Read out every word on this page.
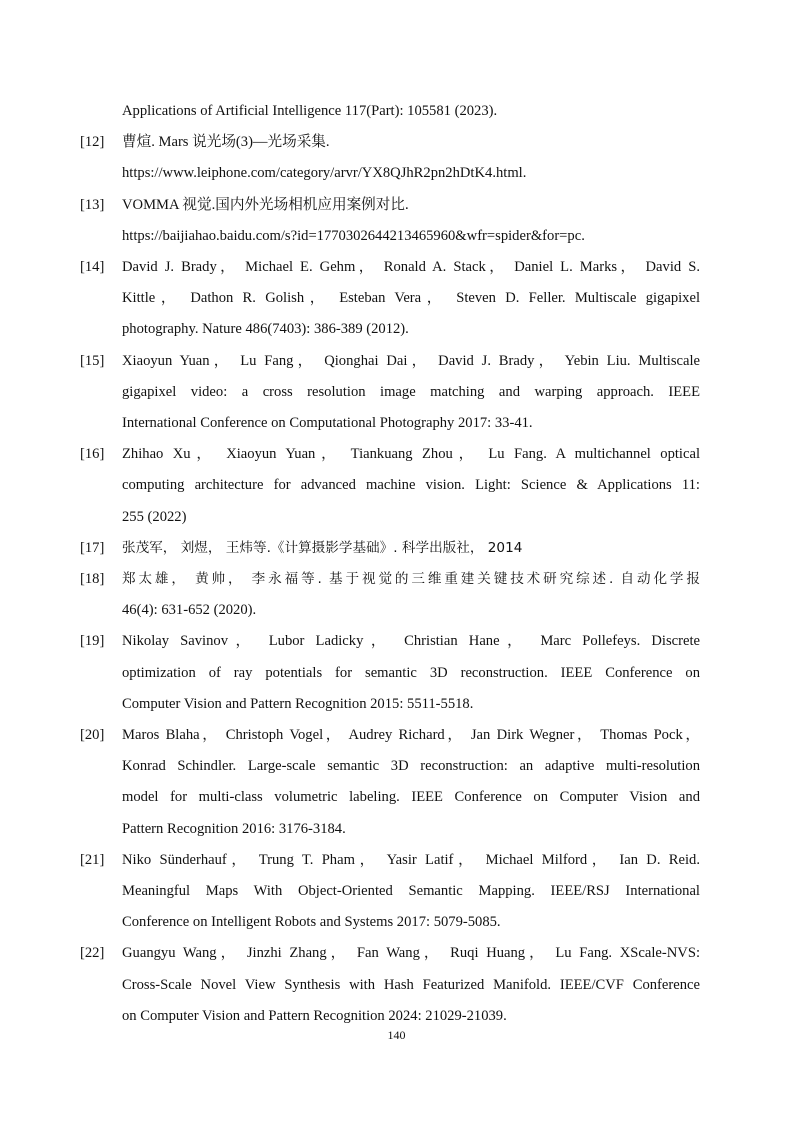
Applications of Artificial Intelligence 117(Part): 105581 (2023).
[12]	曹煊. Mars 说光场(3)—光场采集.
https://www.leiphone.com/category/arvr/YX8QJhR2pn2hDtK4.html.
[13]	VOMMA 视觉.国内外光场相机应用案例对比.
https://baijiahao.baidu.com/s?id=1770302644213465960&wfr=spider&for=pc.
[14]	David J. Brady， Michael E. Gehm， Ronald A. Stack， Daniel L. Marks， David S.
Kittle， Dathon R. Golish， Esteban Vera， Steven D. Feller. Multiscale gigapixel
photography. Nature 486(7403): 386-389 (2012).
[15]	Xiaoyun Yuan， Lu Fang， Qionghai Dai， David J. Brady， Yebin Liu. Multiscale
gigapixel video: a cross resolution image matching and warping approach. IEEE
International Conference on Computational Photography 2017: 33-41.
[16]	Zhihao Xu， Xiaoyun Yuan， Tiankuang Zhou， Lu Fang. A multichannel optical
computing architecture for advanced machine vision. Light: Science & Applications 11:
255 (2022)
[17]	张茂军， 刘煜， 王炜等.《计算摄影学基础》. 科学出版社， 2014
[18]	郑太雄， 黄帅， 李永福等. 基于视觉的三维重建关键技术研究综述. 自动化学报
46(4): 631-652 (2020).
[19]	Nikolay Savinov， Lubor Ladicky， Christian Hane， Marc Pollefeys. Discrete
optimization of ray potentials for semantic 3D reconstruction. IEEE Conference on
Computer Vision and Pattern Recognition 2015: 5511-5518.
[20]	Maros Blaha， Christoph Vogel， Audrey Richard， Jan Dirk Wegner， Thomas Pock，
Konrad Schindler. Large-scale semantic 3D reconstruction: an adaptive multi-resolution
model for multi-class volumetric labeling. IEEE Conference on Computer Vision and
Pattern Recognition 2016: 3176-3184.
[21]	Niko Sünderhauf， Trung T. Pham， Yasir Latif， Michael Milford， Ian D. Reid.
Meaningful Maps With Object-Oriented Semantic Mapping. IEEE/RSJ International
Conference on Intelligent Robots and Systems 2017: 5079-5085.
[22]	Guangyu Wang， Jinzhi Zhang， Fan Wang， Ruqi Huang， Lu Fang. XScale-NVS:
Cross-Scale Novel View Synthesis with Hash Featurized Manifold. IEEE/CVF Conference
on Computer Vision and Pattern Recognition 2024: 21029-21039.
140
